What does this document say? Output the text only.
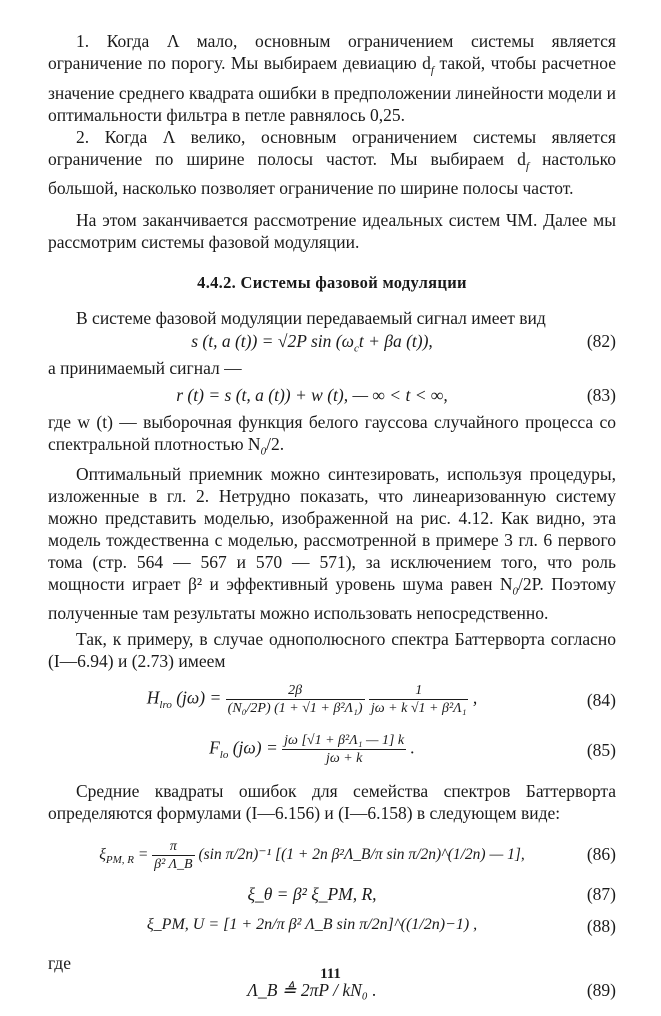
1. Когда Λ мало, основным ограничением системы является ограничение по порогу. Мы выбираем девиацию $d_f$ такой, чтобы расчетное значение среднего квадрата ошибки в предположении линейности модели и оптимальности фильтра в петле равнялось 0,25.

2. Когда Λ велико, основным ограничением системы является ограничение по ширине полосы частот. Мы выбираем $d_f$ настолько большой, насколько позволяет ограничение по ширине полосы частот.

На этом заканчивается рассмотрение идеальных систем ЧМ. Далее мы рассмотрим системы фазовой модуляции.

4.4.2. Системы фазовой модуляции

В системе фазовой модуляции передаваемый сигнал имеет вид

s (t, a (t)) = √2P $\sin (\omega_ct + \beta a$ (t)),	(82)

а принимаемый сигнал —

r (t) = s (t, a (t)) + w (t), — ∞ < t < ∞,	(83)

где w (t) — выборочная функция белого гауссова случайного процесса со спектральной плотностью $N_0/2$.

Оптимальный приемник можно синтезировать, используя процедуры, изложенные в гл. 2. Нетрудно показать, что линеаризованную систему можно представить моделью, изображенной на рис. 4.12. Как видно, эта модель тождественна с моделью, рассмотренной в примере 3 гл. 6 первого тома (стр. 564 — 567 и 570 — 571), за исключением того, что роль мощности играет β² и эффективный уровень шума равен $N_0/2P$. Поэтому полученные там результаты можно использовать непосредственно.

Так, к примеру, в случае однополюсного спектра Баттерворта согласно (I—6.94) и (2.73) имеем

$H_{lro}$ $(j\omega) = \frac{2\beta}{\text{(N₀/2P) (1 + √1 + β²Λ₁)}}$
$\frac{1}{\text{jω + k √1 + β²Λ₁}}$ ,	(84)
$F_{lo}$ $(j\omega) = \frac{\text{jω [√1 + β²Λ₁ — 1] k}}{j\omega + k}$ .	(85)

Средние квадраты ошибок для семейства спектров Баттерворта определяются формулами (I—6.156) и (I—6.158) в следующем виде:

$\xi_{PM, R} = \frac{\pi}{\text{β² Λ\_B}} (\sin$ π/2n)⁻¹ [(1 + 2n β²Λ_B/π sin π/2n)^(1/2n) — 1],	(86)
ξ_θ = β² ξ_PM, R,	(87)
ξ_PM, U = [1 + 2n/π β² Λ_B sin π/2n]^((1/2n)−1) ,	(88)

где

Λ_B ≜ 2πP / kN₀ .	(89)
111
